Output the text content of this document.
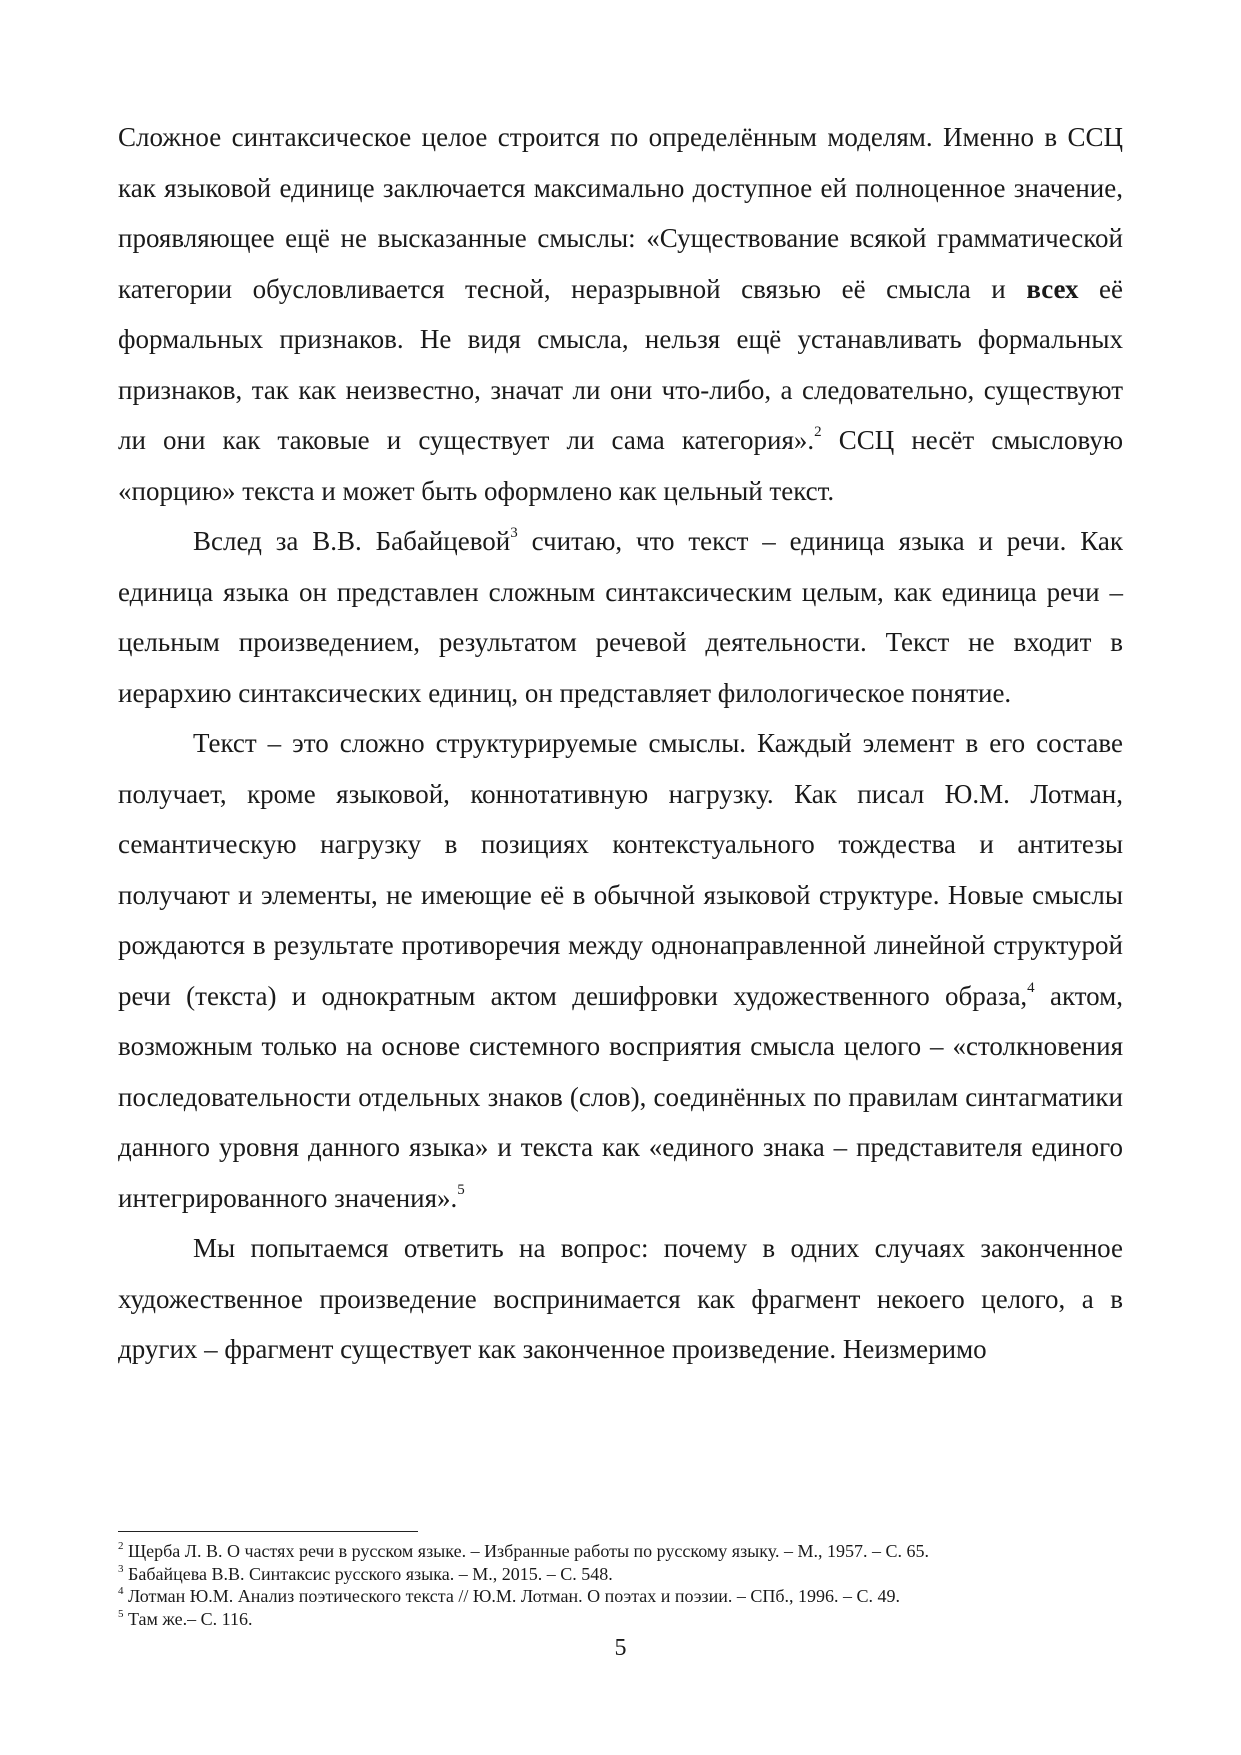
Сложное синтаксическое целое строится по определённым моделям. Именно в ССЦ как языковой единице заключается максимально доступное ей полноценное значение, проявляющее ещё не высказанные смыслы: «Существование всякой грамматической категории обусловливается тесной, неразрывной связью её смысла и всех её формальных признаков. Не видя смысла, нельзя ещё устанавливать формальных признаков, так как неизвестно, значат ли они что-либо, а следовательно, существуют ли они как таковые и существует ли сама категория».$^2$ ССЦ несёт смысловую «порцию» текста и может быть оформлено как цельный текст.

Вслед за В.В. Бабайцевой$^3$ считаю, что текст – единица языка и речи. Как единица языка он представлен сложным синтаксическим целым, как единица речи – цельным произведением, результатом речевой деятельности. Текст не входит в иерархию синтаксических единиц, он представляет филологическое понятие.

Текст – это сложно структурируемые смыслы. Каждый элемент в его составе получает, кроме языковой, коннотативную нагрузку. Как писал Ю.М. Лотман, семантическую нагрузку в позициях контекстуального тождества и антитезы получают и элементы, не имеющие её в обычной языковой структуре. Новые смыслы рождаются в результате противоречия между однонаправленной линейной структурой речи (текста) и однократным актом дешифровки художественного образа,$^4$ актом, возможным только на основе системного восприятия смысла целого – «столкновения последовательности отдельных знаков (слов), соединённых по правилам синтагматики данного уровня данного языка» и текста как «единого знака – представителя единого интегрированного значения».$^5$

Мы попытаемся ответить на вопрос: почему в одних случаях законченное художественное произведение воспринимается как фрагмент некоего целого, а в других – фрагмент существует как законченное произведение. Неизмеримо

$^2$ Щерба Л. В. О частях речи в русском языке. – Избранные работы по русскому языку. – М., 1957. – С. 65.
$^3$ Бабайцева В.В. Синтаксис русского языка. – М., 2015. – С. 548.
$^4$ Лотман Ю.М. Анализ поэтического текста // Ю.М. Лотман. О поэтах и поэзии. – СПб., 1996. – С. 49.
$^5$ Там же.– С. 116.
5
